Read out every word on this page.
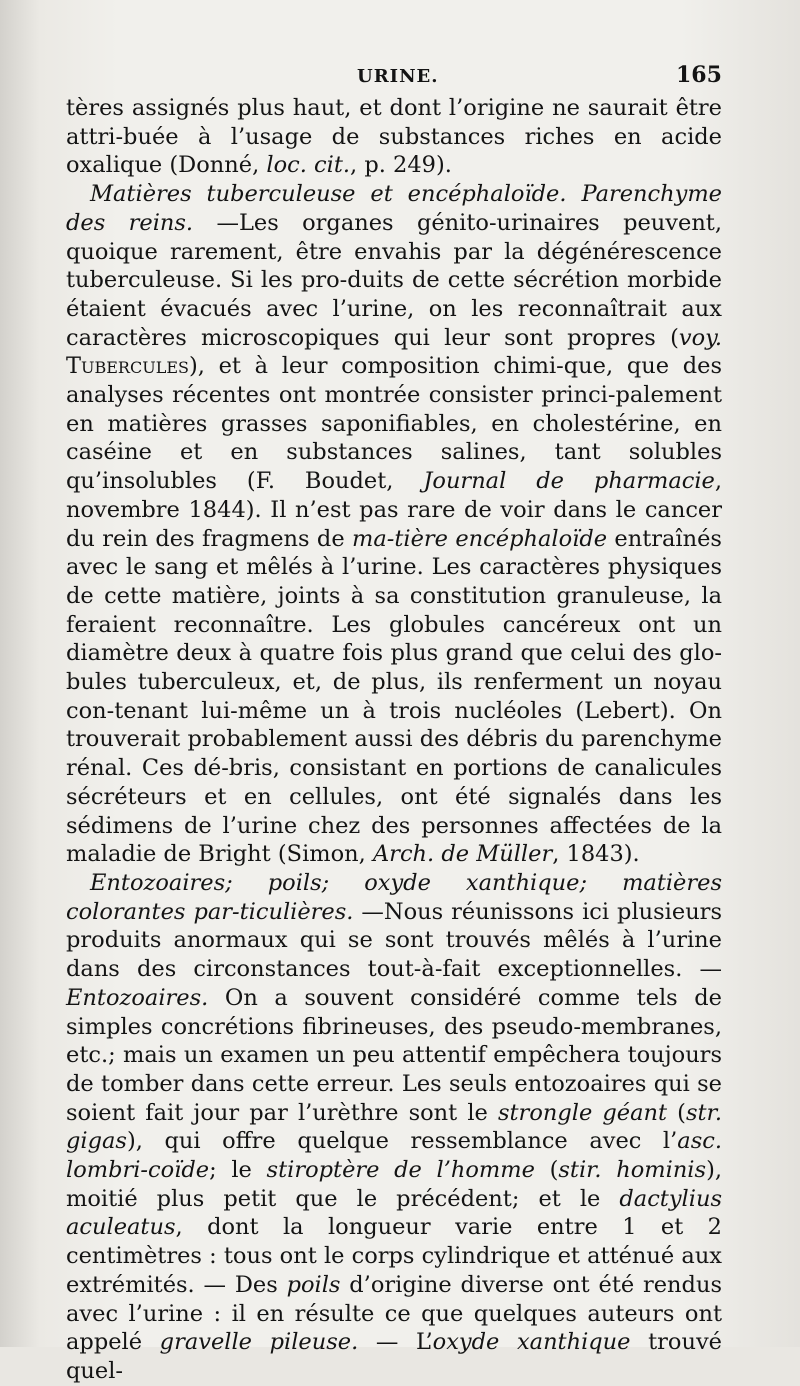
URINE.	165

tères assignés plus haut, et dont l’origine ne saurait être attri-buée à l’usage de substances riches en acide oxalique (Donné, loc. cit., p. 249).

Matières tuberculeuse et encéphaloïde. Parenchyme des reins. —Les organes génito-urinaires peuvent, quoique rarement, être envahis par la dégénérescence tuberculeuse. Si les pro-duits de cette sécrétion morbide étaient évacués avec l’urine, on les reconnaîtrait aux caractères microscopiques qui leur sont propres (voy. Tubercules), et à leur composition chimi-que, que des analyses récentes ont montrée consister princi-palement en matières grasses saponifiables, en cholestérine, en caséine et en substances salines, tant solubles qu’insolubles (F. Boudet, Journal de pharmacie, novembre 1844). Il n’est pas rare de voir dans le cancer du rein des fragmens de ma-tière encéphaloïde entraînés avec le sang et mêlés à l’urine. Les caractères physiques de cette matière, joints à sa constitution granuleuse, la feraient reconnaître. Les globules cancéreux ont un diamètre deux à quatre fois plus grand que celui des glo-bules tuberculeux, et, de plus, ils renferment un noyau con-tenant lui-même un à trois nucléoles (Lebert). On trouverait probablement aussi des débris du parenchyme rénal. Ces dé-bris, consistant en portions de canalicules sécréteurs et en cellules, ont été signalés dans les sédimens de l’urine chez des personnes affectées de la maladie de Bright (Simon, Arch. de Müller, 1843).

Entozoaires; poils; oxyde xanthique; matières colorantes par-ticulières. —Nous réunissons ici plusieurs produits anormaux qui se sont trouvés mêlés à l’urine dans des circonstances tout-à-fait exceptionnelles. — Entozoaires. On a souvent considéré comme tels de simples concrétions fibrineuses, des pseudo-membranes, etc.; mais un examen un peu attentif empêchera toujours de tomber dans cette erreur. Les seuls entozoaires qui se soient fait jour par l’urèthre sont le strongle géant (str. gigas), qui offre quelque ressemblance avec l’asc. lombri-coïde; le stiroptère de l’homme (stir. hominis), moitié plus petit que le précédent; et le dactylius aculeatus, dont la longueur varie entre 1 et 2 centimètres : tous ont le corps cylindrique et atténué aux extrémités. — Des poils d’origine diverse ont été rendus avec l’urine : il en résulte ce que quelques auteurs ont appelé gravelle pileuse. — L’oxyde xanthique trouvé quel-
